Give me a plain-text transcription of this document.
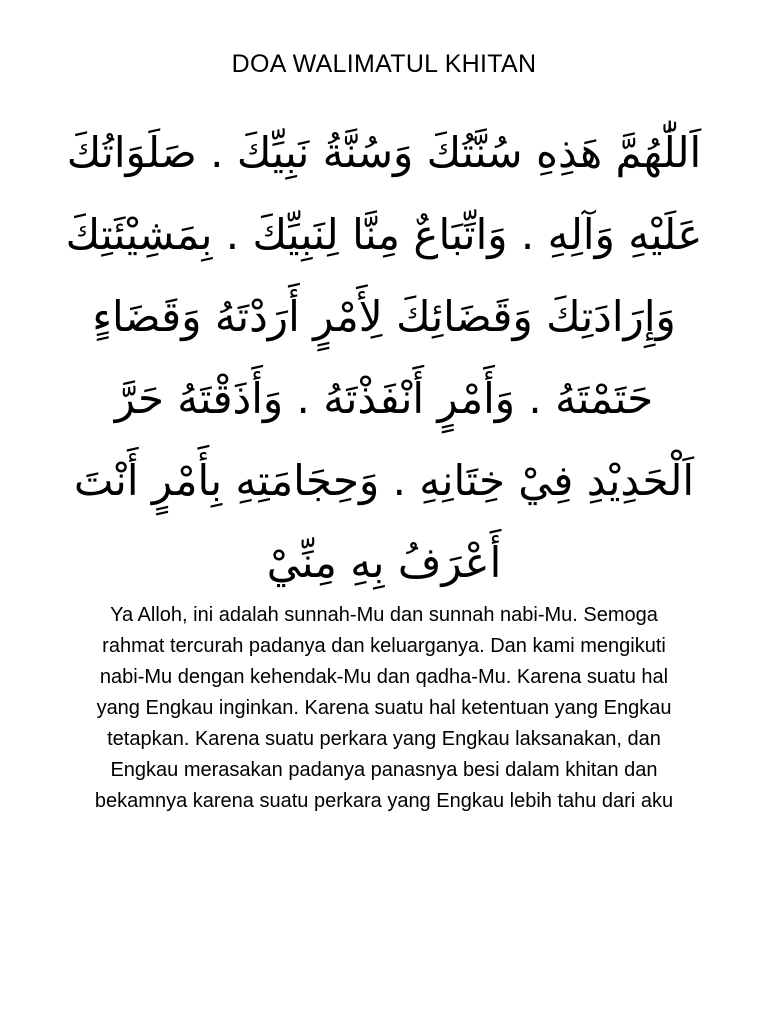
DOA WALIMATUL KHITAN
اَللّٰهُمَّ هَذِهِ سُنَّتُكَ وَسُنَّةُ نَبِيِّكَ . صَلَوَاتُكَ
عَلَيْهِ وَآلِهِ . وَاتِّبَاعٌ مِنَّا لِنَبِيِّكَ . بِمَشِيْئَتِكَ
وَإِرَادَتِكَ وَقَضَائِكَ لِأَمْرٍ أَرَدْتَهُ وَقَضَاءٍ
حَتَمْتَهُ . وَأَمْرٍ أَنْفَذْتَهُ . وَأَذَقْتَهُ حَرَّ
اَلْحَدِيْدِ فِيْ خِتَانِهِ . وَحِجَامَتِهِ بِأَمْرٍ أَنْتَ
أَعْرَفُ بِهِ مِنِّيْ
Ya Alloh, ini adalah sunnah-Mu dan sunnah nabi-Mu. Semoga
rahmat tercurah padanya dan keluarganya. Dan kami mengikuti
nabi-Mu dengan kehendak-Mu dan qadha-Mu. Karena suatu hal
yang Engkau inginkan. Karena suatu hal ketentuan yang Engkau
tetapkan. Karena suatu perkara yang Engkau laksanakan, dan
Engkau merasakan padanya panasnya besi dalam khitan dan
bekamnya karena suatu perkara yang Engkau lebih tahu dari aku
